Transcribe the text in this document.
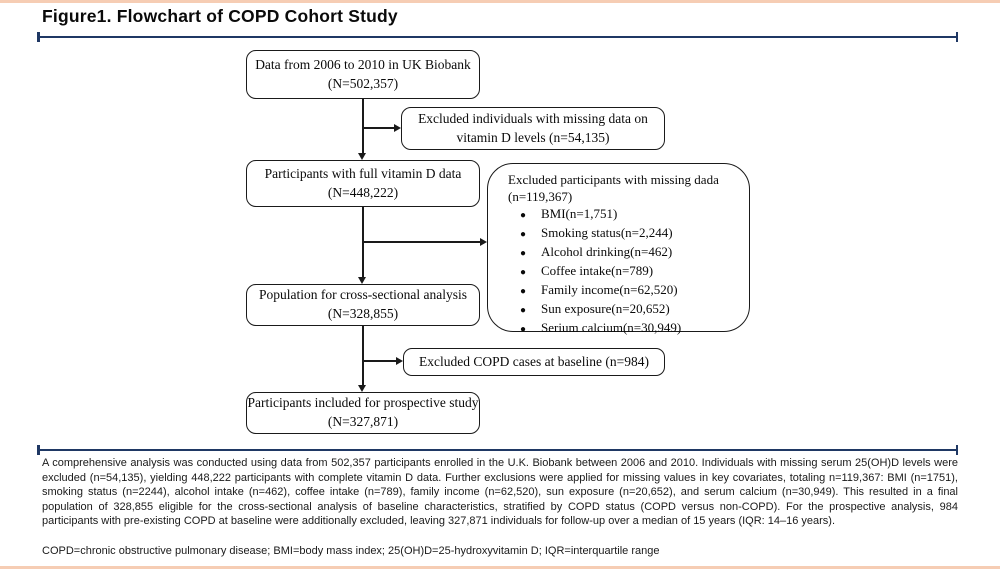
Figure1. Flowchart of COPD Cohort Study
Data from 2006 to 2010 in UK Biobank
(N=502,357)
Excluded individuals with missing data on
vitamin D levels (n=54,135)
Participants with full vitamin D data
(N=448,222)
Excluded participants with missing dada
(n=119,367)
●
BMI(n=1,751)
●
Smoking status(n=2,244)
●
Alcohol drinking(n=462)
●
Coffee intake(n=789)
●
Family income(n=62,520)
●
Sun exposure(n=20,652)
●
Serium calcium(n=30,949)
Population for cross-sectional analysis
(N=328,855)
Excluded COPD cases at baseline (n=984)
Participants included for prospective study
(N=327,871)
A comprehensive analysis was conducted using data from 502,357 participants enrolled in the U.K. Biobank between 2006 and 2010. Individuals with missing serum 25(OH)D levels were excluded (n=54,135), yielding 448,222 participants with complete vitamin D data. Further exclusions were applied for missing values in key covariates, totaling n=119,367: BMI (n=1751), smoking status (n=2244), alcohol intake (n=462), coffee intake (n=789), family income (n=62,520), sun exposure (n=20,652), and serum calcium (n=30,949). This resulted in a final population of 328,855 eligible for the cross-sectional analysis of baseline characteristics, stratified by COPD status (COPD versus non-COPD). For the prospective analysis, 984 participants with pre-existing COPD at baseline were additionally excluded, leaving 327,871 individuals for follow-up over a median of 15 years (IQR: 14–16 years).
COPD=chronic obstructive pulmonary disease; BMI=body mass index; 25(OH)D=25-hydroxyvitamin D; IQR=interquartile range
